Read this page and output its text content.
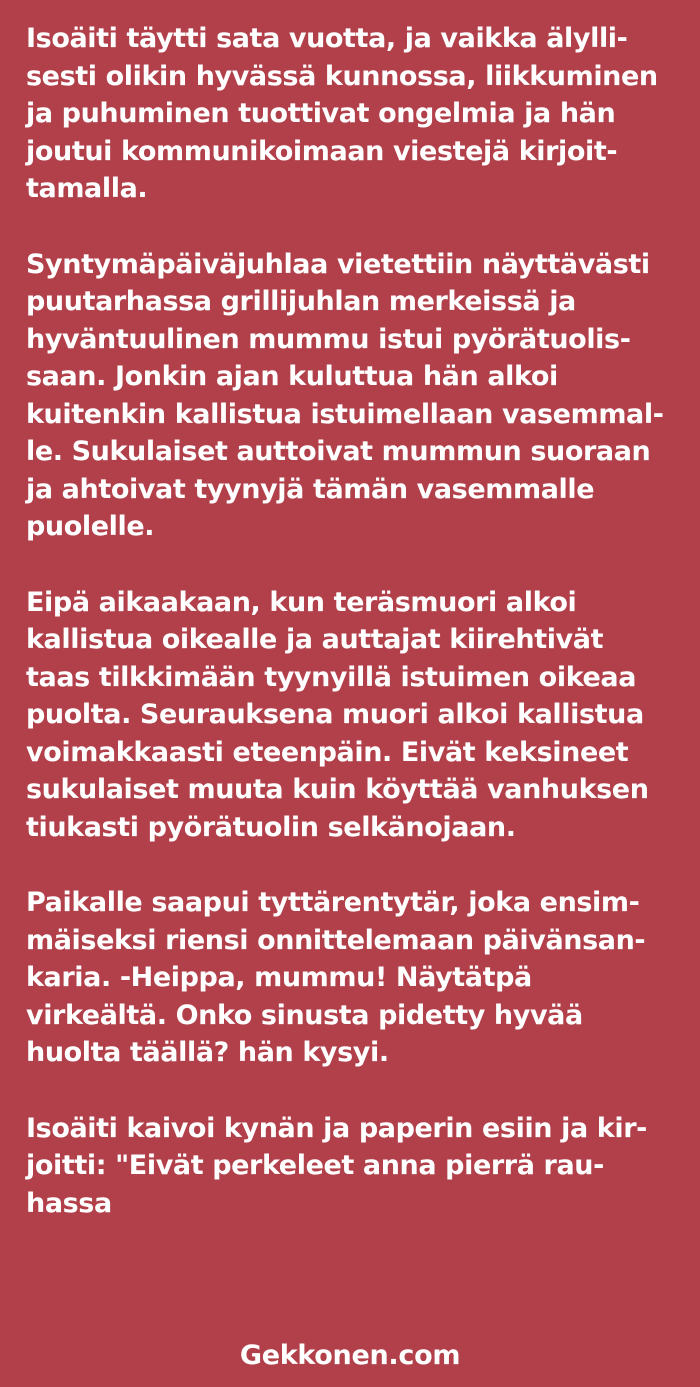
Isoäiti täytti sata vuotta, ja vaikka älylli-
sesti olikin hyvässä kunnossa, liikkuminen
ja puhuminen tuottivat ongelmia ja hän
joutui kommunikoimaan viestejä kirjoit-
tamalla.
Syntymäpäiväjuhlaa vietettiin näyttävästi
puutarhassa grillijuhlan merkeissä ja
hyväntuulinen mummu istui pyörätuolis-
saan. Jonkin ajan kuluttua hän alkoi
kuitenkin kallistua istuimellaan vasemmal-
le. Sukulaiset auttoivat mummun suoraan
ja ahtoivat tyynyjä tämän vasemmalle
puolelle.
Eipä aikaakaan, kun teräsmuori alkoi
kallistua oikealle ja auttajat kiirehtivät
taas tilkkimään tyynyillä istuimen oikeaa
puolta. Seurauksena muori alkoi kallistua
voimakkaasti eteenpäin. Eivät keksineet
sukulaiset muuta kuin köyttää vanhuksen
tiukasti pyörätuolin selkänojaan.
Paikalle saapui tyttärentytär, joka ensim-
mäiseksi riensi onnittelemaan päivänsan-
karia. -Heippa, mummu! Näytätpä
virkeältä. Onko sinusta pidetty hyvää
huolta täällä? hän kysyi.
Isoäiti kaivoi kynän ja paperin esiin ja kir-
joitti: "Eivät perkeleet anna pierrä rau-
hassa
Gekkonen.com
